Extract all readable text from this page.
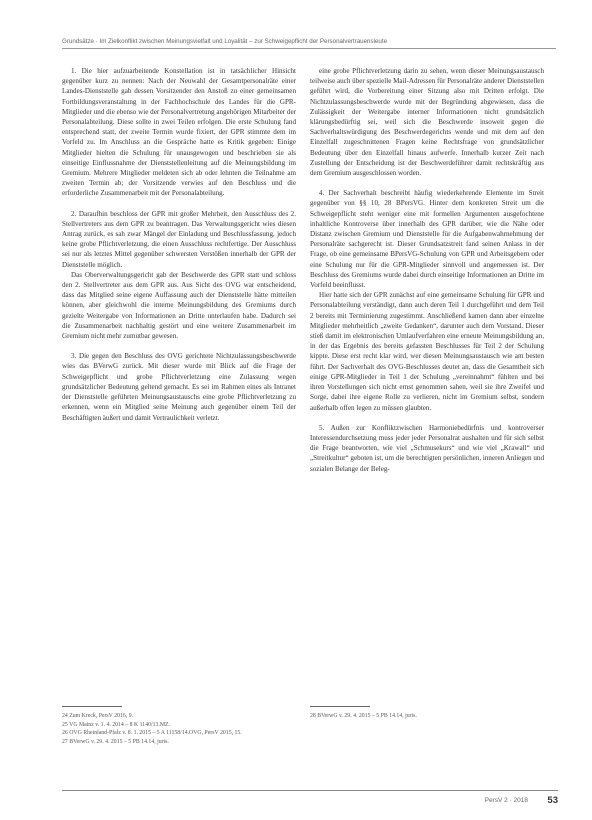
Grundsätze · Im Zielkonflikt zwischen Meinungsvielfalt und Loyalität – zur Schweigepflicht der Personalvertrauensleute

1. Die hier aufzuarbeitende Konstellation ist in tatsächlicher Hinsicht gegenüber kurz zu nennen: Nach der Neuwahl der Gesamtpersonalräte einer Landes-Dienststelle gab dessen Vorsitzender den Anstoß zu einer gemeinsamen Fortbildungsveranstaltung in der Fachhochschule des Landes für die GPR-Mitglieder und die ebenso wie der Personalvertretung angehörigen Mitarbeiter der Personalabteilung. Diese sollte in zwei Teilen erfolgen. Die erste Schulung fand entsprechend statt, der zweite Termin wurde fixiert, der GPR stimmte dem im Vorfeld zu. Im Anschluss an die Gespräche hatte es Kritik gegeben: Einige Mitglieder hielten die Schulung für unausgewogen und beschrieben sie als einseitige Einflussnahme der Dienststellenleitung auf die Meinungsbildung im Gremium. Mehrere Mitglieder meldeten sich ab oder lehnten die Teilnahme am zweiten Termin ab; der Vorsitzende verwies auf den Beschluss und die erforderliche Zusammenarbeit mit der Personalabteilung.

2. Daraufhin beschloss der GPR mit großer Mehrheit, den Ausschluss des 2. Stellvertreters aus dem GPR zu beantragen. Das Verwaltungsgericht wies diesen Antrag zurück, es sah zwar Mängel der Einladung und Beschlussfassung, jedoch keine grobe Pflichtverletzung, die einen Ausschluss rechtfertige. Der Ausschluss sei nur als letztes Mittel gegenüber schwersten Verstößen innerhalb der GPR der Dienststelle möglich.

Das Oberverwaltungsgericht gab der Beschwerde des GPR statt und schloss den 2. Stellvertreter aus dem GPR aus. Aus Sicht des OVG war entscheidend, dass das Mitglied seine eigene Auffassung auch der Dienststelle hätte mitteilen können, aber gleichwohl die interne Meinungsbildung des Gremiums durch gezielte Weitergabe von Informationen an Dritte unterlaufen habe. Dadurch sei die Zusammenarbeit nachhaltig gestört und eine weitere Zusammenarbeit im Gremium nicht mehr zumutbar gewesen.

3. Die gegen den Beschluss des OVG gerichtete Nichtzulassungsbeschwerde wies das BVerwG zurück. Mit dieser wurde mit Blick auf die Frage der Schweigepflicht und grobe Pflichtverletzung eine Zulassung wegen grundsätzlicher Bedeutung geltend gemacht. Es sei im Rahmen eines als Intranet der Dienststelle geführten Meinungsaustauschs eine grobe Pflichtverletzung zu erkennen, wenn ein Mitglied seine Meinung auch gegenüber einem Teil der Beschäftigten äußert und damit Vertraulichkeit verletzt.

eine grobe Pflichtverletzung darin zu sehen, wenn dieser Meinungsaustausch teilweise auch über spezielle Mail-Adressen für Personalräte anderer Dienststellen geführt wird, die Vorbereitung einer Sitzung also mit Dritten erfolgt. Die Nichtzulassungsbeschwerde wurde mit der Begründung abgewiesen, dass die Zulässigkeit der Weitergabe interner Informationen nicht grundsätzlich klärungsbedürftig sei, weil sich die Beschwerde insoweit gegen die Sachverhaltswürdigung des Beschwerdegerichts wende und mit dem auf den Einzelfall zugeschnittenen Fragen keine Rechtsfrage von grundsätzlicher Bedeutung über den Einzelfall hinaus aufwerfe. Innerhalb kurzer Zeit nach Zustellung der Entscheidung ist der Beschwerdeführer damit rechtskräftig aus dem Gremium ausgeschlossen worden.

4. Der Sachverhalt beschreibt häufig wiederkehrende Elemente im Streit gegenüber von §§ 10, 28 BPersVG. Hinter dem konkreten Streit um die Schweigepflicht steht weniger eine mit formellen Argumenten ausgefochtene inhaltliche Kontroverse über innerhalb des GPR darüber, wie die Nähe oder Distanz zwischen Gremium und Dienststelle für die Aufgabenwahrnehmung der Personalräte sachgerecht ist. Dieser Grundsatzstreit fand seinen Anlass in der Frage, ob eine gemeinsame BPersVG-Schulung von GPR und Arbeitsgebern oder eine Schulung nur für die GPR-Mitglieder sinnvoll und angemessen ist. Der Beschluss des Gremiums wurde dabei durch einseitige Informationen an Dritte im Vorfeld beeinflusst.

Hier hatte sich der GPR zunächst auf eine gemeinsame Schulung für GPR und Personalabteilung verständigt, dann auch deren Teil 1 durchgeführt und dem Teil 2 bereits mit Terminierung zugestimmt. Anschließend kamen dann aber einzelne Mitglieder mehrheitlich „zweite Gedanken“, darunter auch dem Vorstand. Dieser stieß damit im elektronischen Umlaufverfahren eine erneute Meinungsbildung an, in der das Ergebnis des bereits gefassten Beschlusses für Teil 2 der Schulung kippte. Diese erst recht klar wird, wer diesen Meinungsaustausch wie am besten führt. Der Sachverhalt des OVG-Beschlusses deutet an, dass die Gesamtheit sich einige GPR-Mitglieder in Teil 1 der Schulung „vereinnahmt“ fühlten und bei ihren Vorstellungen sich nicht ernst genommen sahen, weil sie ihre Zweifel und Sorge, dabei ihre eigene Rolle zu verlieren, nicht im Gremium selbst, sondern außerhalb offen legen zu müssen glaubten.

5. Außen zur Konfliktzwischen Harmoniebedürfnis und kontroverser Interessendurchsetzung muss jeder jeder Personalrat aushalten und für sich selbst die Frage beantworten, wie viel „Schmusekurs“ und wie viel „Krawall“ und „Streitkultur“ geboten ist, um die berechtigten persönlichen, inneren Anliegen und sozialen Belange der Beleg-

24 Zum Kreck, PersV 2016, 9.

25 VG Mainz v. 1. 4. 2014 – 8 K 1140/13.MZ.

26 OVG Rheinland-Pfalz v. 8. 1. 2015 – 5 A 11158/14.OVG, PersV 2015, 15.

27 BVerwG v. 29. 4. 2015 – 5 PB 14.14, juris.

28 BVerwG v. 29. 4. 2015 – 5 PB 14.14, juris.

PersV 2 · 2018 53
